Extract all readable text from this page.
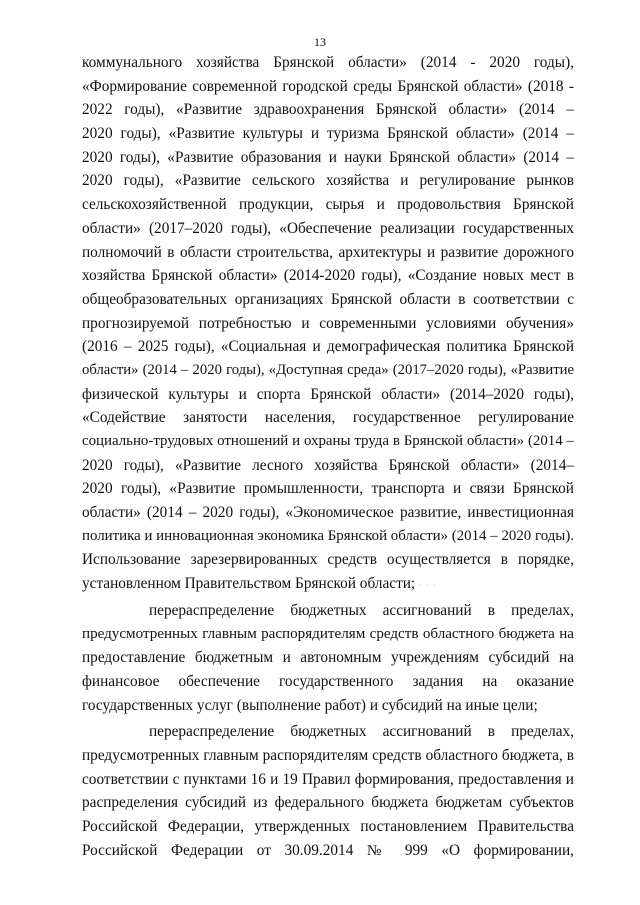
13
коммунального хозяйства Брянской области» (2014 - 2020 годы),
«Формирование современной городской среды Брянской области» (2018 -
2022 годы), «Развитие здравоохранения Брянской области» (2014 –
2020 годы), «Развитие культуры и туризма Брянской области» (2014 –
2020 годы), «Развитие образования и науки Брянской области» (2014 –
2020 годы), «Развитие сельского хозяйства и регулирование рынков
сельскохозяйственной продукции, сырья и продовольствия Брянской
области» (2017–2020 годы), «Обеспечение реализации государственных
полномочий в области строительства, архитектуры и развитие дорожного
хозяйства Брянской области» (2014-2020 годы), «Создание новых мест в
общеобразовательных организациях Брянской области в соответствии с
прогнозируемой потребностью и современными условиями обучения»
(2016 – 2025 годы), «Социальная и демографическая политика Брянской
области» (2014 – 2020 годы), «Доступная среда» (2017–2020 годы), «Развитие
физической культуры и спорта Брянской области» (2014–2020 годы),
«Содействие занятости населения, государственное регулирование
социально-трудовых отношений и охраны труда в Брянской области» (2014 –
2020 годы), «Развитие лесного хозяйства Брянской области» (2014–
2020 годы), «Развитие промышленности, транспорта и связи Брянской
области» (2014 – 2020 годы), «Экономическое развитие, инвестиционная
политика и инновационная экономика Брянской области» (2014 – 2020 годы).
Использование зарезервированных средств осуществляется в порядке,
установленном Правительством Брянской области; · · ·
перераспределение бюджетных ассигнований в пределах,
предусмотренных главным распорядителям средств областного бюджета на
предоставление бюджетным и автономным учреждениям субсидий на
финансовое обеспечение государственного задания на оказание
государственных услуг (выполнение работ) и субсидий на иные цели;
перераспределение бюджетных ассигнований в пределах,
предусмотренных главным распорядителям средств областного бюджета, в
соответствии с пунктами 16 и 19 Правил формирования, предоставления и
распределения субсидий из федерального бюджета бюджетам субъектов
Российской Федерации, утвержденных постановлением Правительства
Российской Федерации от 30.09.2014 № 999 «О формировании,
